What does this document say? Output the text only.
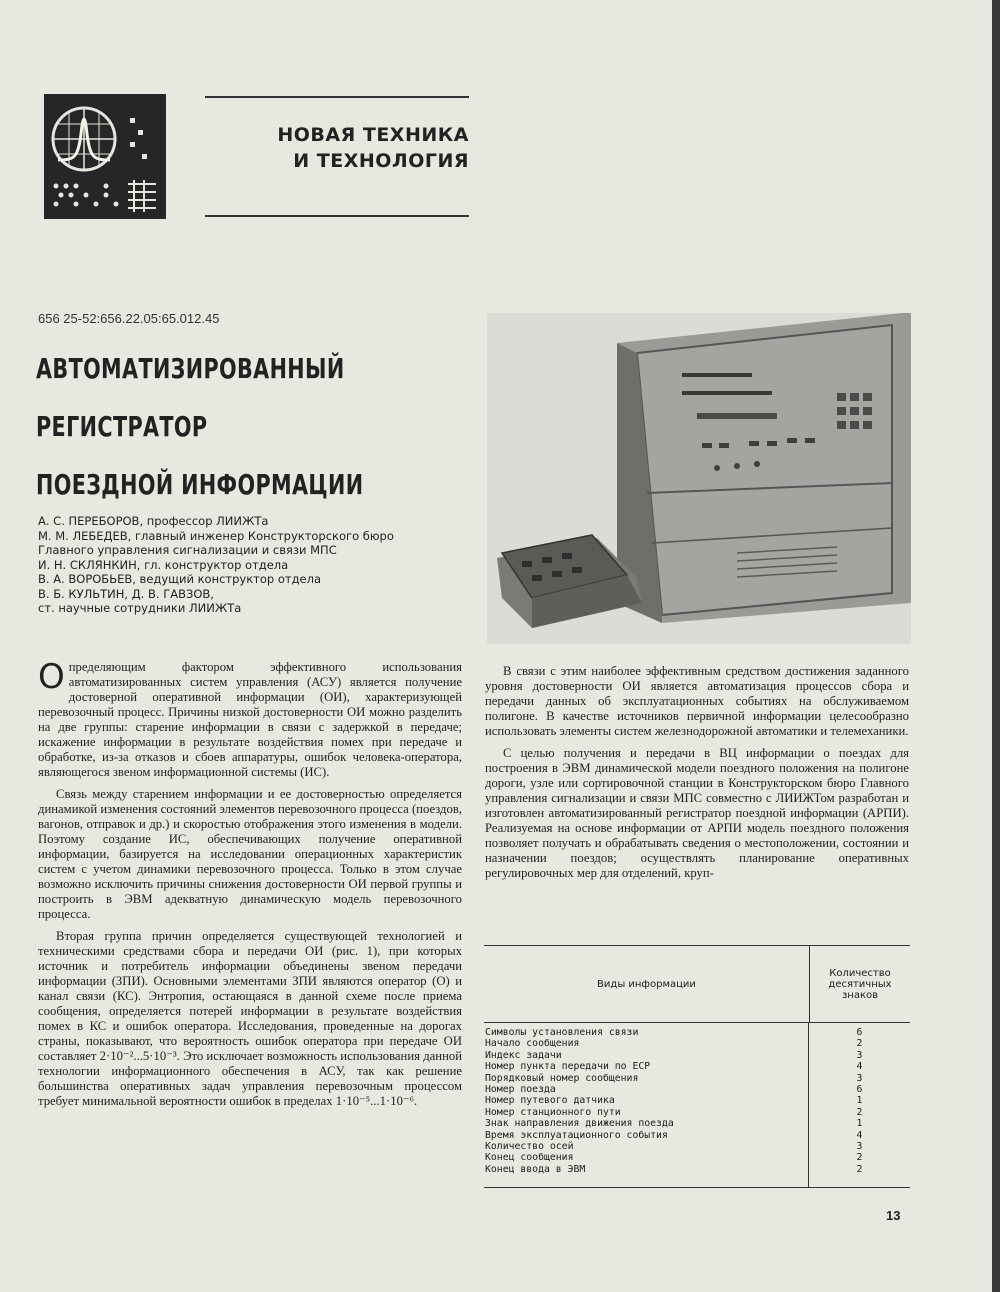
НОВАЯ ТЕХНИКА
И ТЕХНОЛОГИЯ
656 25-52:656.22.05:65.012.45
АВТОМАТИЗИРОВАННЫЙ
РЕГИСТРАТОР
ПОЕЗДНОЙ ИНФОРМАЦИИ
А. С. ПЕРЕБОРОВ, профессор ЛИИЖТа
М. М. ЛЕБЕДЕВ, главный инженер Конструкторского бюро
Главного управления сигнализации и связи МПС
И. Н. СКЛЯНКИН, гл. конструктор отдела
В. А. ВОРОБЬЕВ, ведущий конструктор отдела
В. Б. КУЛЬТИН, Д. В. ГАВЗОВ,
ст. научные сотрудники ЛИИЖТа

Определяющим фактором эффективного использования автоматизированных систем управления (АСУ) является получение достоверной оперативной информации (ОИ), характеризующей перевозочный процесс. Причины низкой достоверности ОИ можно разделить на две группы: старение информации в связи с задержкой в передаче; искажение информации в результате воздействия помех при передаче и обработке, из-за отказов и сбоев аппаратуры, ошибок человека-оператора, являющегося звеном информационной системы (ИС).

Связь между старением информации и ее достоверностью определяется динамикой изменения состояний элементов перевозочного процесса (поездов, вагонов, отправок и др.) и скоростью отображения этого изменения в модели. Поэтому создание ИС, обеспечивающих получение оперативной информации, базируется на исследовании операционных характеристик систем с учетом динамики перевозочного процесса. Только в этом случае возможно исключить причины снижения достоверности ОИ первой группы и построить в ЭВМ адекватную динамическую модель перевозочного процесса.

Вторая группа причин определяется существующей технологией и техническими средствами сбора и передачи ОИ (рис. 1), при которых источник и потребитель информации объединены звеном передачи информации (ЗПИ). Основными элементами ЗПИ являются оператор (О) и канал связи (КС). Энтропия, остающаяся в данной схеме после приема сообщения, определяется потерей информации в результате воздействия помех в КС и ошибок оператора. Исследования, проведенные на дорогах страны, показывают, что вероятность ошибок оператора при передаче ОИ составляет 2·10⁻²...5·10⁻³. Это исключает возможность использования данной технологии информационного обеспечения в АСУ, так как решение большинства оперативных задач управления перевозочным процессом требует минимальной вероятности ошибок в пределах 1·10⁻⁵...1·10⁻⁶.

В связи с этим наиболее эффективным средством достижения заданного уровня достоверности ОИ является автоматизация процессов сбора и передачи данных об эксплуатационных событиях на обслуживаемом полигоне. В качестве источников первичной информации целесообразно использовать элементы систем железнодорожной автоматики и телемеханики.

С целью получения и передачи в ВЦ информации о поездах для построения в ЭВМ динамической модели поездного положения на полигоне дороги, узле или сортировочной станции в Конструкторском бюро Главного управления сигнализации и связи МПС совместно с ЛИИЖТом разработан и изготовлен автоматизированный регистратор поездной информации (АРПИ). Реализуемая на основе информации от АРПИ модель поездного положения позволяет получать и обрабатывать сведения о местоположении, состоянии и назначении поездов; осуществлять планирование оперативных регулировочных мер для отделений, круп-

Виды информации
Количество десятичных знаков
Символы установления связи
Начало сообщения
Индекс задачи
Номер пункта передачи по ЕСР
Порядковый номер сообщения
Номер поезда
Номер путевого датчика
Номер станционного пути
Знак направления движения поезда
Время эксплуатационного события
Количество осей
Конец сообщения
Конец ввода в ЭВМ
6
2
3
4
3
6
1
2
1
4
3
2
2
13
